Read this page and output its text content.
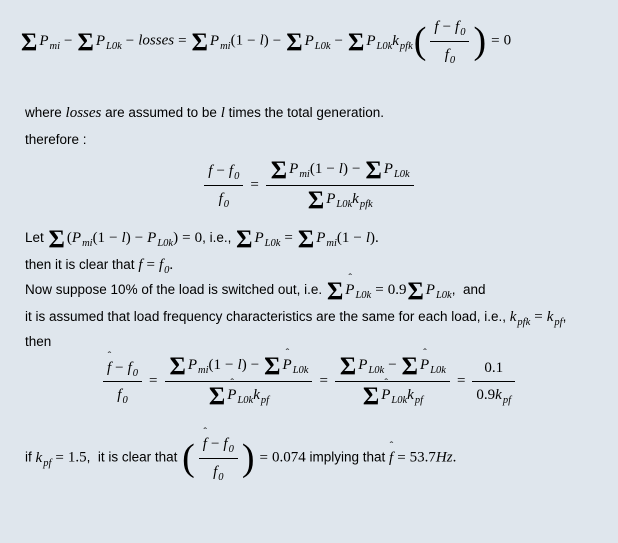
Σ $P_{mi} - \Sigma$ $P_{L0k}$ − losses = Σ $P_{mi}(1 - l) - \Sigma$ $P_{L0k} - \Sigma$ $P_{L0k}k_{pfk}( \frac{f - f_0}{f_0}$ ) = 0
where losses are assumed to be l times the total generation.
therefore :
$\frac{f - f_0}{f_0} = \frac{\Sigma P_{mi}(1 - l) - \Sigma P_{L0k}}{\Sigma P_{L0k}k_{pfk}}$
Let Σ $(P_{mi}(1 - l) - P_{L0k}) = 0$, i.e., Σ $P_{L0k} = \Sigma$ $P_{mi}(1 - l)$.
then it is clear that $f = f_0$.
Now suppose 10% of the load is switched out, i.e. Σ P
ˆ
$_{L0k}$ = 0.9Σ $P_{L0k}$,  and
it is assumed that load frequency characteristics are the same for each load, i.e., $k_{pfk} = k_{pf}$,
then
f
ˆ
− $f_0$
$f_0 = \Sigma$ $P_{mi}(1 - l) - \Sigma$ P
ˆ
$_{L0k}$
Σ P
ˆ
$_{L0k}k_{pf} = \Sigma$ $P_{L0k} - \Sigma$ P
ˆ
$_{L0k}$
Σ P
ˆ
$_{L0k}k_{pf} = \frac{0.1}{0.9k_{pf}}$
if $k_{pf} = 1.5$,  it is clear that ( f
ˆ
− $f_0$
$f_0$ ) = 0.074 implying that f
ˆ
= 53.7Hz.
